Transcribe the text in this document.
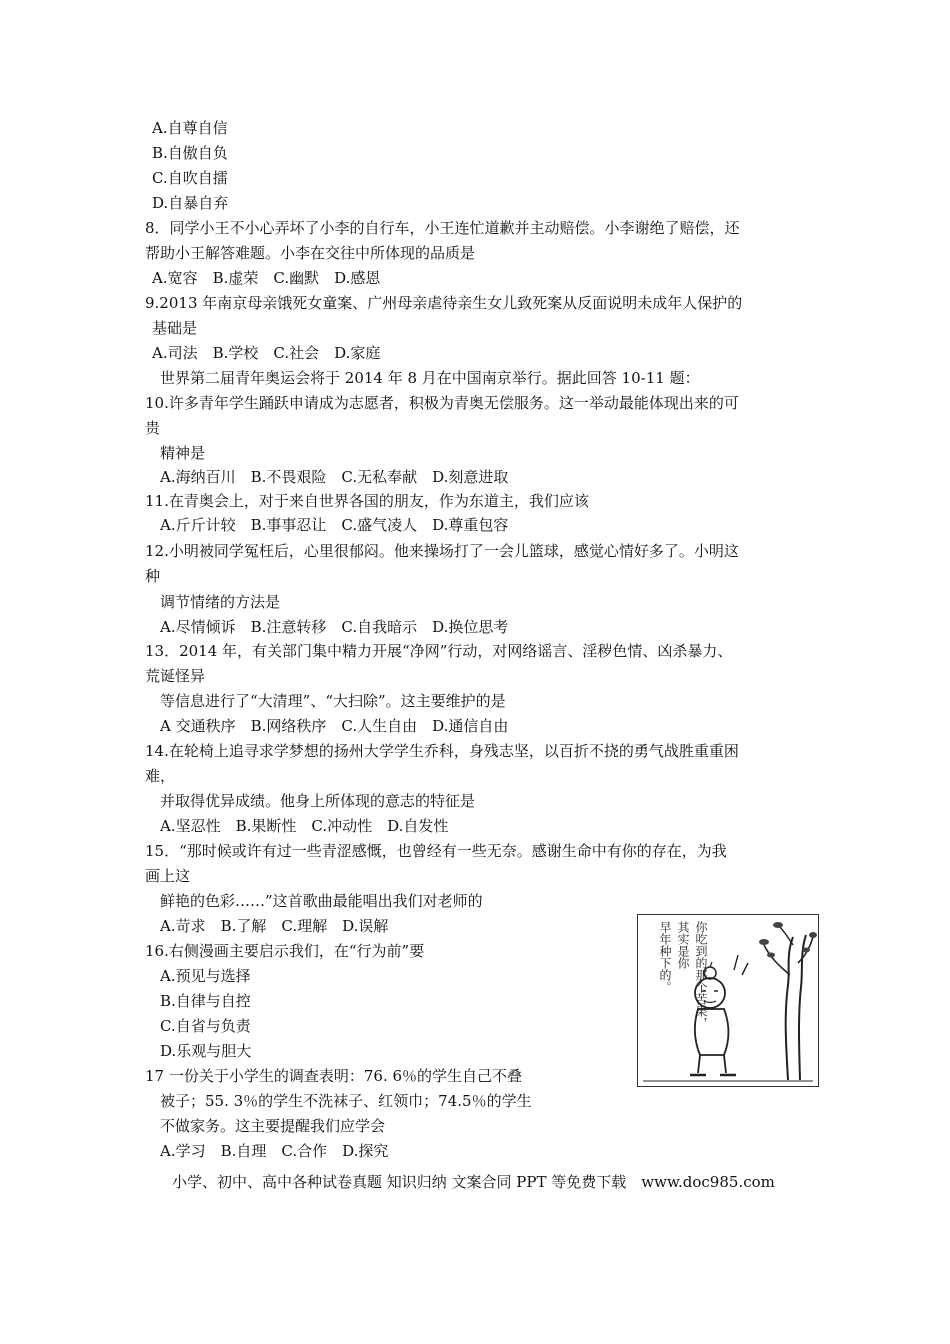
A.自尊自信
B.自傲自负
C.自吹自擂
D.自暴自弃
8．同学小王不小心弄坏了小李的自行车，小王连忙道歉并主动赔偿。小李谢绝了赔偿，还
帮助小王解答难题。小李在交往中所体现的品质是
A.宽容　B.虚荣　C.幽默　D.感恩
9.2013 年南京母亲饿死女童案、广州母亲虐待亲生女儿致死案从反面说明未成年人保护的
基础是
A.司法　B.学校　C.社会　D.家庭
世界第二届青年奥运会将于 2014 年 8 月在中国南京举行。据此回答 10-11 题：
10.许多青年学生踊跃申请成为志愿者，积极为青奥无偿服务。这一举动最能体现出来的可
贵
精神是
A.海纳百川　B.不畏艰险　C.无私奉献　D.刻意进取
11.在青奥会上，对于来自世界各国的朋友，作为东道主，我们应该
A.斤斤计较　B.事事忍让　C.盛气凌人　D.尊重包容
12.小明被同学冤枉后，心里很郁闷。他来操场打了一会儿篮球，感觉心情好多了。小明这
种
调节情绪的方法是
A.尽情倾诉　B.注意转移　C.自我暗示　D.换位思考
13．2014 年，有关部门集中精力开展“净网”行动，对网络谣言、淫秽色情、凶杀暴力、
荒诞怪异
等信息进行了“大清理”、“大扫除”。这主要维护的是
A 交通秩序　B.网络秩序　C.人生自由　D.通信自由
14.在轮椅上追寻求学梦想的扬州大学学生乔科，身残志坚，以百折不挠的勇气战胜重重困
难，
并取得优异成绩。他身上所体现的意志的特征是
A.坚忍性　B.果断性　C.冲动性　D.自发性
15．“那时候或许有过一些青涩感慨，也曾经有一些无奈。感谢生命中有你的存在，为我
画上这
鲜艳的色彩……”这首歌曲最能唱出我们对老师的
A.苛求　B.了解　C.理解　D.误解
16.右侧漫画主要启示我们，在“行为前”要
A.预见与选择
B.自律与自控
C.自省与负责
D.乐观与胆大
17 一份关于小学生的调查表明：76. 6％的学生自己不叠
被子；55. 3％的学生不洗袜子、红领巾；74.5％的学生
不做家务。这主要提醒我们应学会
A.学习　B.自理　C.合作　D.探究
你吃到的那个苦果，
其实是你
早年种下的。
小学、初中、高中各种试卷真题 知识归纳 文案合同 PPT 等免费下载　www.doc985.com
